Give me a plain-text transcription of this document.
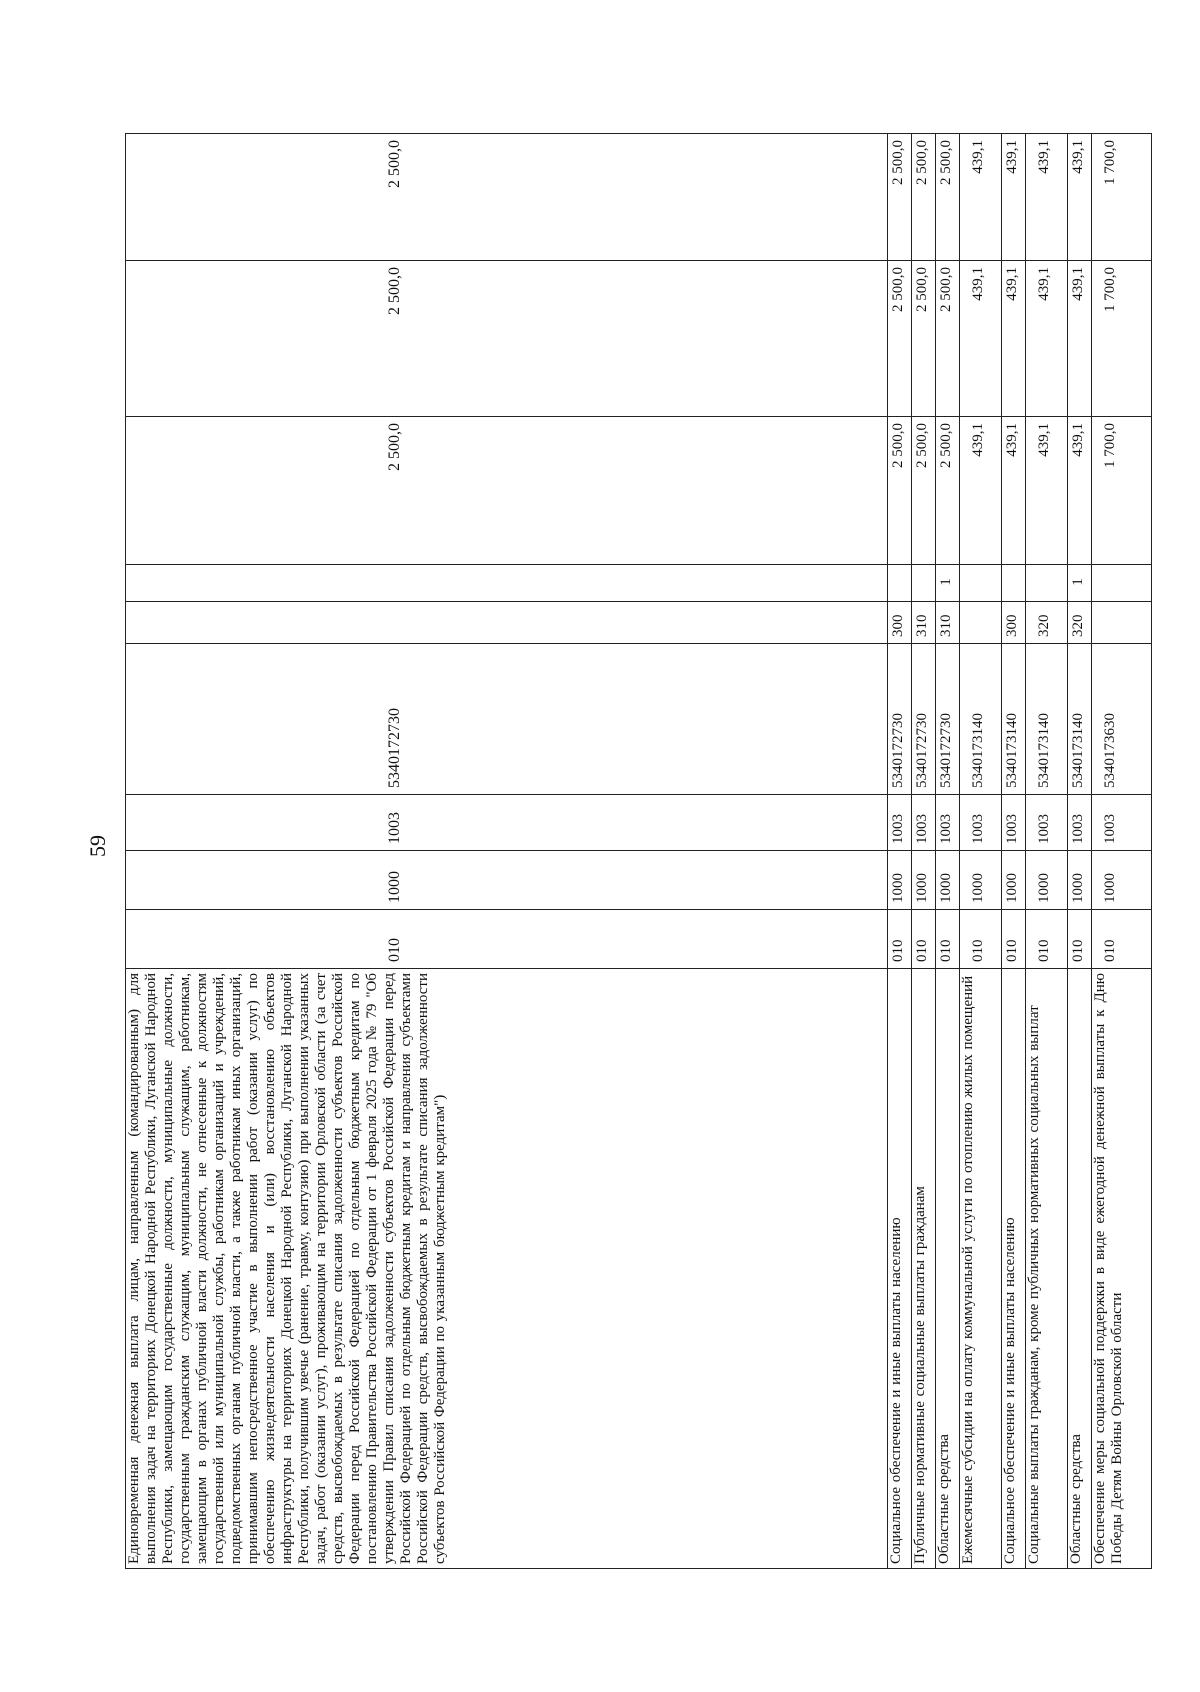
59
Единовременная денежная выплата лицам, направленным (командированным) для выполнения задач на территориях Донецкой Народной Республики, Луганской Народной Республики, замещающим государственные должности, муниципальные должности, государственным гражданским служащим, муниципальным служащим, работникам, замещающим в органах публичной власти должности, не отнесенные к должностям государственной или муниципальной службы, работникам организаций и учреждений, подведомственных органам публичной власти, а также работникам иных организаций, принимавшим непосредственное участие в выполнении работ (оказании услуг) по обеспечению жизнедеятельности населения и (или) восстановлению объектов инфраструктуры на территориях Донецкой Народной Республики, Луганской Народной Республики, получившим увечье (ранение, травму, контузию) при выполнении указанных задач, работ (оказании услуг), проживающим на территории Орловской области (за счет средств, высвобождаемых в результате списания задолженности субъектов Российской Федерации перед Российской Федерацией по отдельным бюджетным кредитам по постановлению Правительства Российской Федерации от 1 февраля 2025 года № 79 "Об утверждении Правил списания задолженности субъектов Российской Федерации перед Российской Федерацией по отдельным бюджетным кредитам и направления субъектами Российской Федерации средств, высвобождаемых в результате списания задолженности субъектов Российской Федерации по указанным бюджетным кредитам")	010	1000	1003	5340172730			2 500,0	2 500,0	2 500,0
Социальное обеспечение и иные выплаты населению	010	1000	1003	5340172730	300		2 500,0	2 500,0	2 500,0
Публичные нормативные социальные выплаты гражданам	010	1000	1003	5340172730	310		2 500,0	2 500,0	2 500,0
Областные средства	010	1000	1003	5340172730	310	1	2 500,0	2 500,0	2 500,0
Ежемесячные субсидии на оплату коммунальной услуги по отоплению жилых помещений	010	1000	1003	5340173140			439,1	439,1	439,1
Социальное обеспечение и иные выплаты населению	010	1000	1003	5340173140	300		439,1	439,1	439,1
Социальные выплаты гражданам, кроме публичных нормативных социальных выплат	010	1000	1003	5340173140	320		439,1	439,1	439,1
Областные средства	010	1000	1003	5340173140	320	1	439,1	439,1	439,1
Обеспечение меры социальной поддержки в виде ежегодной денежной выплаты к Дню Победы Детям Войны Орловской области	010	1000	1003	5340173630			1 700,0	1 700,0	1 700,0
